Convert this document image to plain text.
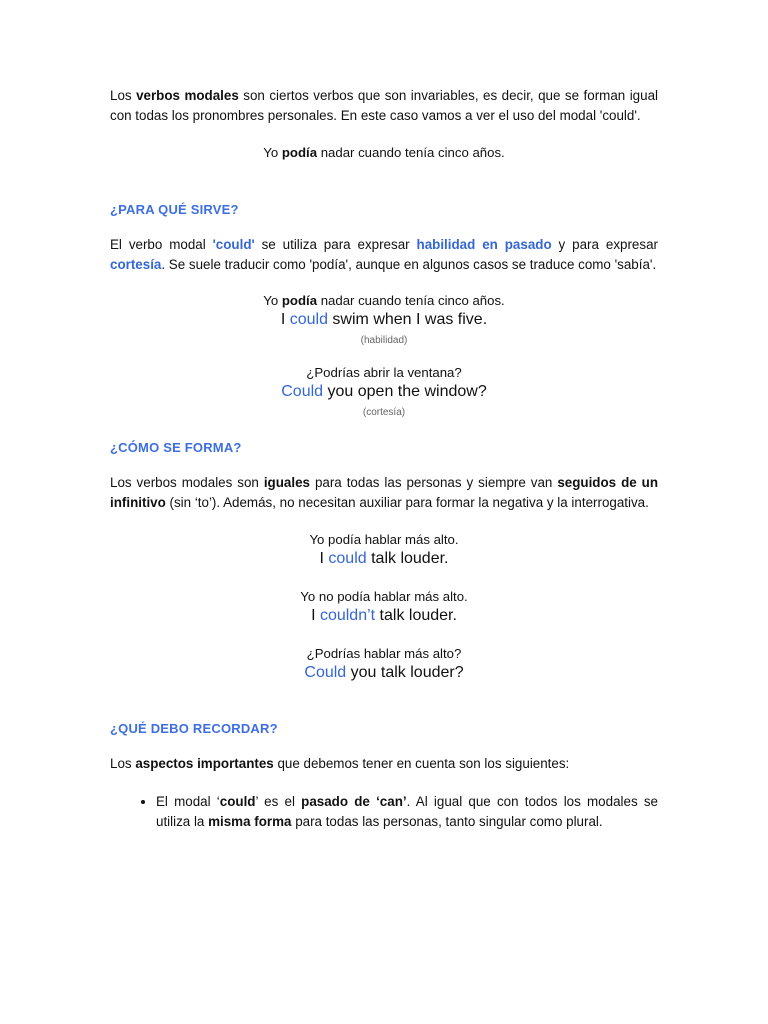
Los verbos modales son ciertos verbos que son invariables, es decir, que se forman igual con todas los pronombres personales. En este caso vamos a ver el uso del modal 'could'.

Yo podía nadar cuando tenía cinco años.

¿PARA QUÉ SIRVE?

El verbo modal 'could' se utiliza para expresar habilidad en pasado y para expresar cortesía. Se suele traducir como 'podía', aunque en algunos casos se traduce como 'sabía'.

Yo podía nadar cuando tenía cinco años.

I could swim when I was five.

(habilidad)

¿Podrías abrir la ventana?

Could you open the window?

(cortesía)

¿CÓMO SE FORMA?

Los verbos modales son iguales para todas las personas y siempre van seguidos de un infinitivo (sin ‘to’). Además, no necesitan auxiliar para formar la negativa y la interrogativa.

Yo podía hablar más alto.

I could talk louder.

Yo no podía hablar más alto.

I couldn’t talk louder.

¿Podrías hablar más alto?

Could you talk louder?

¿QUÉ DEBO RECORDAR?

Los aspectos importantes que debemos tener en cuenta son los siguientes:

• El modal ‘could’ es el pasado de ‘can’. Al igual que con todos los modales se utiliza la misma forma para todas las personas, tanto singular como plural.
